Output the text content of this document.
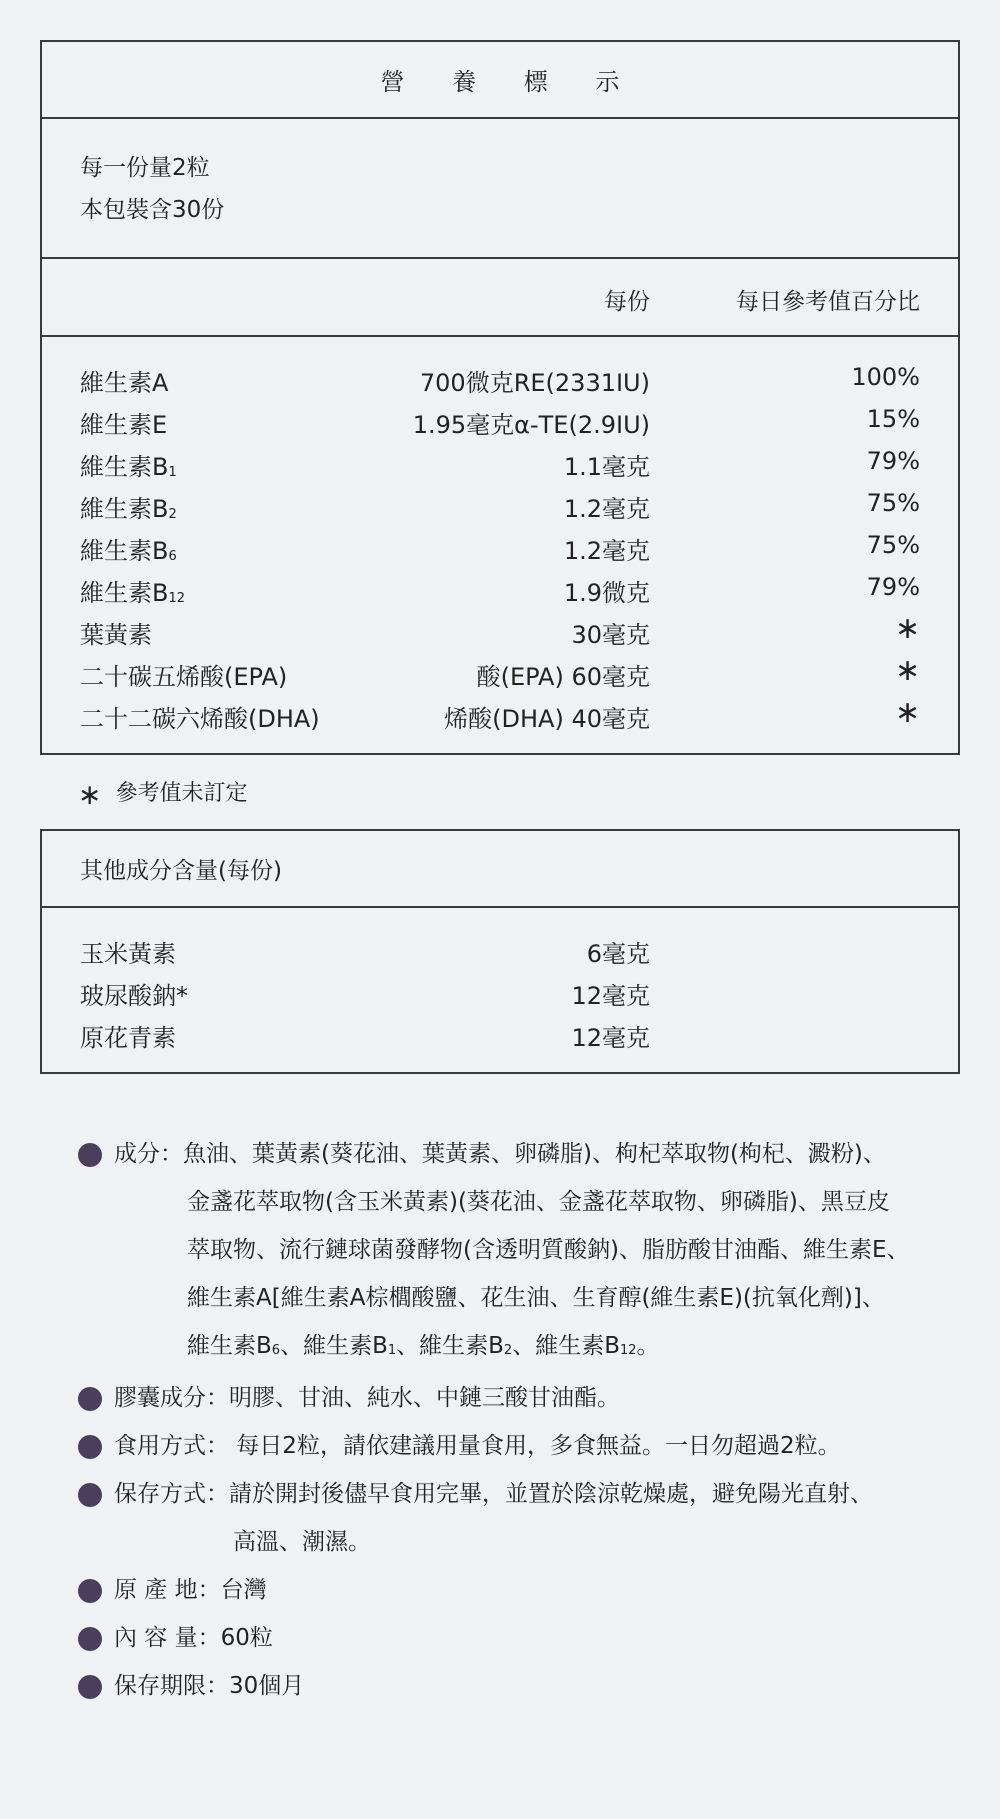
營 養 標 示
每一份量2粒
本包裝含30份
每份	每日參考值百分比
維生素A	700微克RE(2331IU)	100%
維生素E	1.95毫克α-TE(2.9IU)	15%
維生素$B_1$	1.1毫克	79%
維生素$B_2$	1.2毫克	75%
維生素$B_6$	1.2毫克	75%
維生素$B_{12}$	1.9微克	79%
葉黃素	30毫克	∗
二十碳五烯酸(EPA)	酸(EPA) 60毫克	∗
二十二碳六烯酸(DHA)	烯酸(DHA) 40毫克	∗
∗ 參考值未訂定
其他成分含量(每份)
玉米黃素	6毫克
玻尿酸鈉*	12毫克
原花青素	12毫克
成分：魚油、葉黃素(葵花油、葉黃素、卵磷脂)、枸杞萃取物(枸杞、澱粉)、
金盞花萃取物(含玉米黃素)(葵花油、金盞花萃取物、卵磷脂)、黑豆皮
萃取物、流行鏈球菌發酵物(含透明質酸鈉)、脂肪酸甘油酯、維生素E、
維生素A[維生素A棕櫚酸鹽、花生油、生育醇(維生素E)(抗氧化劑)]、
維生素$B_6$、維生素$B_1$、維生素$B_2$、維生素$B_{12}$。
膠囊成分：明膠、甘油、純水、中鏈三酸甘油酯。
食用方式： 每日2粒，請依建議用量食用，多食無益。一日勿超過2粒。
保存方式：請於開封後儘早食用完畢，並置於陰涼乾燥處，避免陽光直射、
高溫、潮濕。
原 產 地：台灣
內 容 量：60粒
保存期限：30個月
